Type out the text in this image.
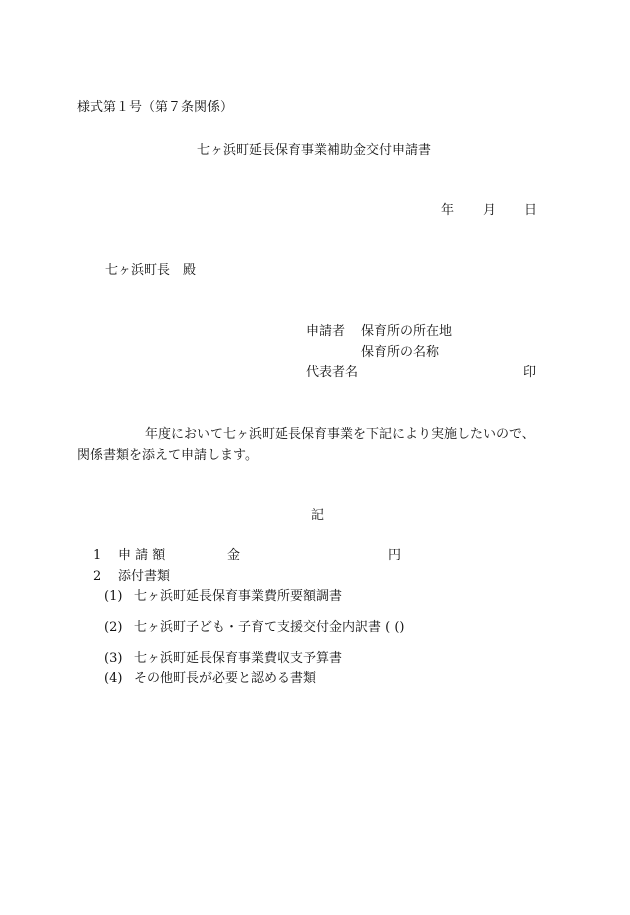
様式第１号（第７条関係）
七ヶ浜町延長保育事業補助金交付申請書
年 月 日
七ヶ浜町長　殿
申請者 保育所の所在地
保育所の名称
代表者名	印
年度において七ヶ浜町延長保育事業を下記により実施したいので、
関係書類を添えて申請します。
記
1 申 請 額	金	円
2 添付書類
(1) 七ヶ浜町延長保育事業費所要額調書
(2) 七ヶ浜町子ども・子育て支援交付金内訳書 ( ()
(3) 七ヶ浜町延長保育事業費収支予算書
(4) その他町長が必要と認める書類
